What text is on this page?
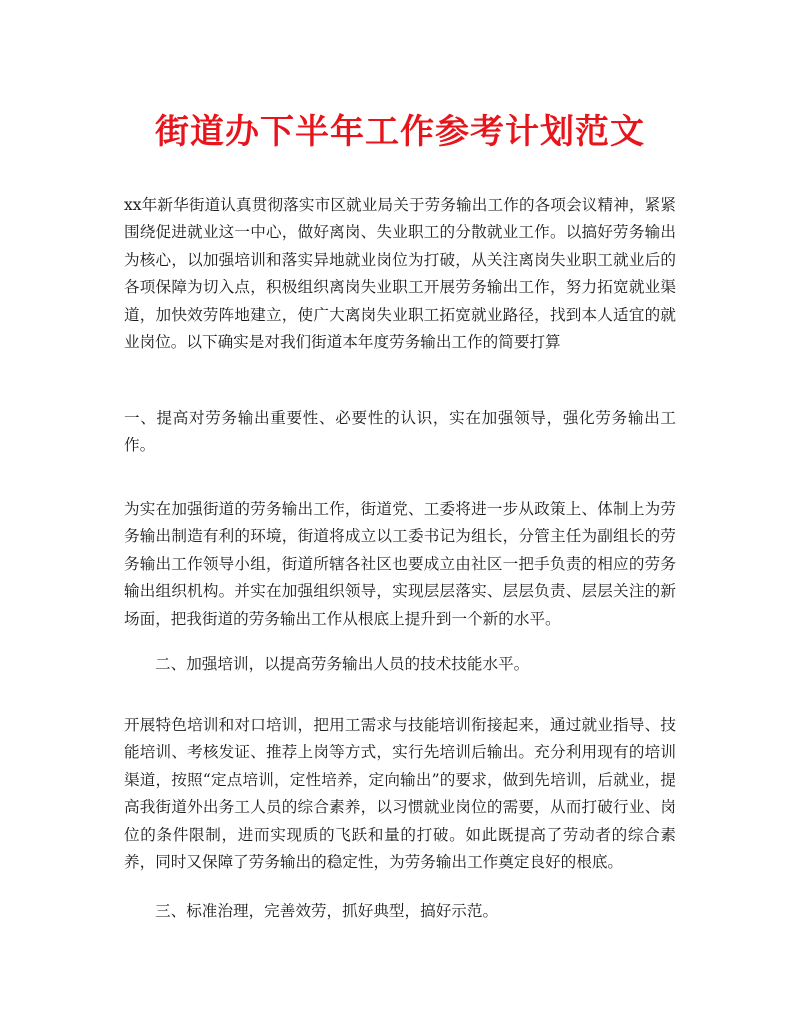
街道办下半年工作参考计划范文

xx年新华街道认真贯彻落实市区就业局关于劳务输出工作的各项会议精神，紧紧围绕促进就业这一中心，做好离岗、失业职工的分散就业工作。以搞好劳务输出为核心，以加强培训和落实异地就业岗位为打破，从关注离岗失业职工就业后的各项保障为切入点，积极组织离岗失业职工开展劳务输出工作，努力拓宽就业渠道，加快效劳阵地建立，使广大离岗失业职工拓宽就业路径，找到本人适宜的就业岗位。以下确实是对我们街道本年度劳务输出工作的简要打算

一、提高对劳务输出重要性、必要性的认识，实在加强领导，强化劳务输出工作。

为实在加强街道的劳务输出工作，街道党、工委将进一步从政策上、体制上为劳务输出制造有利的环境，街道将成立以工委书记为组长，分管主任为副组长的劳务输出工作领导小组，街道所辖各社区也要成立由社区一把手负责的相应的劳务输出组织机构。并实在加强组织领导，实现层层落实、层层负责、层层关注的新场面，把我街道的劳务输出工作从根底上提升到一个新的水平。

二、加强培训，以提高劳务输出人员的技术技能水平。

开展特色培训和对口培训，把用工需求与技能培训衔接起来，通过就业指导、技能培训、考核发证、推荐上岗等方式，实行先培训后输出。充分利用现有的培训渠道，按照“定点培训，定性培养，定向输出”的要求，做到先培训，后就业，提高我街道外出务工人员的综合素养，以习惯就业岗位的需要，从而打破行业、岗位的条件限制，进而实现质的飞跃和量的打破。如此既提高了劳动者的综合素养，同时又保障了劳务输出的稳定性，为劳务输出工作奠定良好的根底。

三、标准治理，完善效劳，抓好典型，搞好示范。
